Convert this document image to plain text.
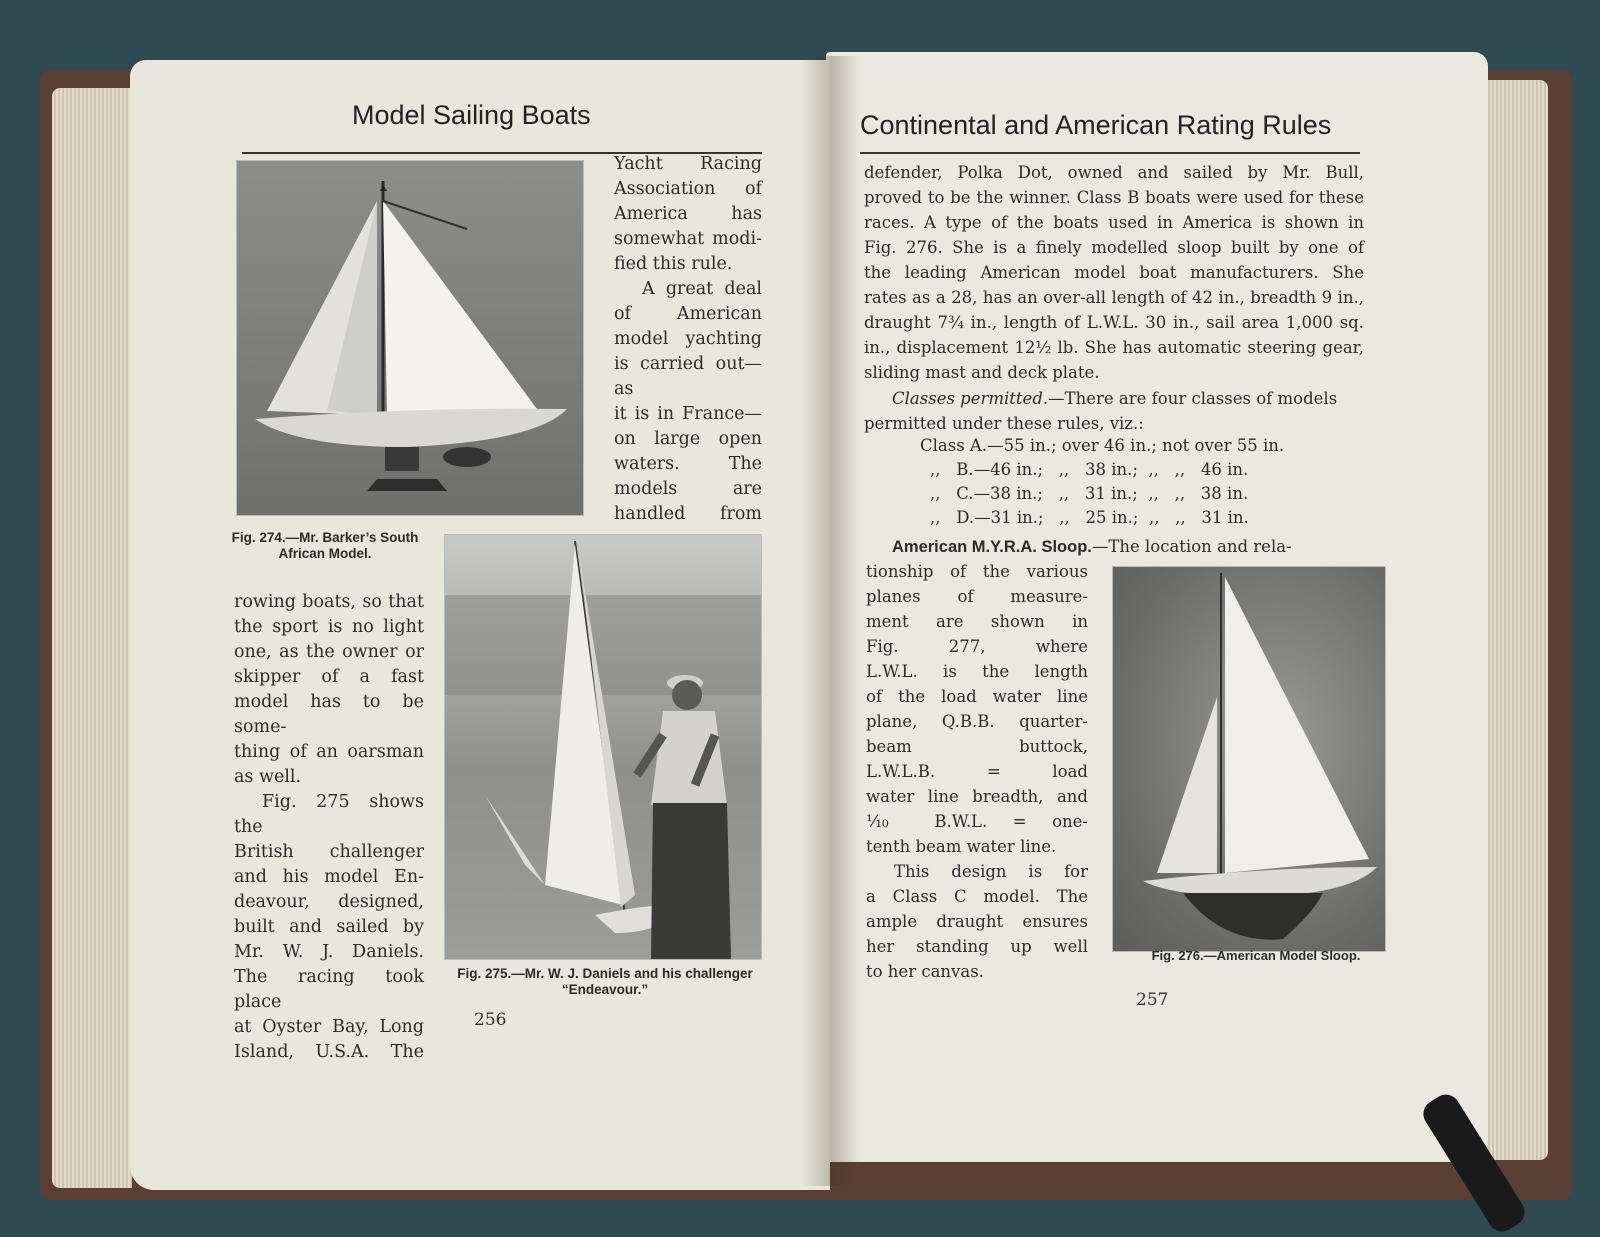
Model Sailing Boats
Fig. 274.—Mr. Barker’s South African Model.

Yacht Racing

Association of

America has

somewhat modi-

fied this rule.

A great deal

of American

model yachting

is carried out—as

it is in France—

on large open

waters. The

models are

handled from

Fig. 275.—Mr. W. J. Daniels and his challenger “Endeavour.”

rowing boats, so that

the sport is no light

one, as the owner or

skipper of a fast

model has to be some-

thing of an oarsman

as well.

Fig. 275 shows the

British challenger

and his model En-

deavour, designed,

built and sailed by

Mr. W. J. Daniels.

The racing took place

at Oyster Bay, Long

Island, U.S.A. The

256
Continental and American Rating Rules

defender, Polka Dot, owned and sailed by Mr. Bull,

proved to be the winner. Class B boats were used for these

races. A type of the boats used in America is shown in

Fig. 276. She is a finely modelled sloop built by one of

the leading American model boat manufacturers. She

rates as a 28, has an over-all length of 42 in., breadth 9 in.,

draught 7¾ in., length of L.W.L. 30 in., sail area 1,000 sq.

in., displacement 12½ lb. She has automatic steering gear,

sliding mast and deck plate.

Classes permitted.—There are four classes of models

permitted under these rules, viz.:

Class A.—55 in.; over 46 in.; not over 55 in.
,,   B.—46 in.;   ,,   38 in.;  ,,   ,,   46 in.
,,   C.—38 in.;   ,,   31 in.;  ,,   ,,   38 in.
,,   D.—31 in.;   ,,   25 in.;  ,,   ,,   31 in.

American M.Y.R.A. Sloop.—The location and rela-

tionship of the various

planes of measure-

ment are shown in

Fig. 277, where

L.W.L. is the length

of the load water line

plane, Q.B.B. quarter-

beam buttock,

L.W.L.B. = load

water line breadth, and

⅒ B.W.L. = one-

tenth beam water line.

This design is for

a Class C model. The

ample draught ensures

her standing up well

to her canvas.

Fig. 276.—American Model Sloop.
257
